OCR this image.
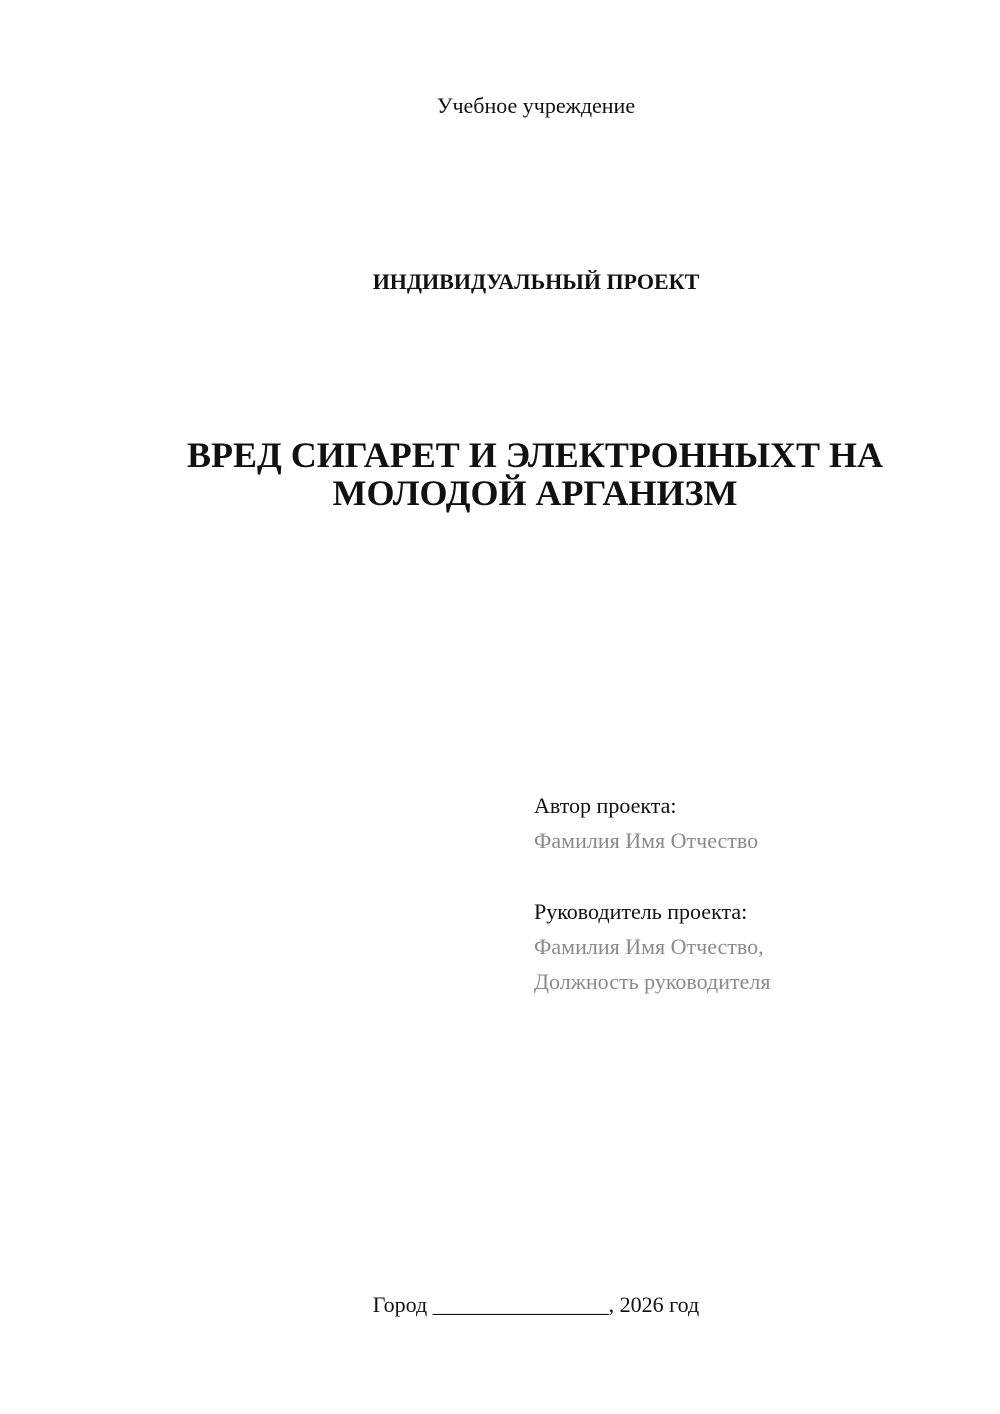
Учебное учреждение
ИНДИВИДУАЛЬНЫЙ ПРОЕКТ
ВРЕД СИГАРЕТ И ЭЛЕКТРОННЫХТ НА
МОЛОДОЙ АРГАНИЗМ
Автор проекта:
Фамилия Имя Отчество
Руководитель проекта:
Фамилия Имя Отчество,
Должность руководителя
Город ________________, 2026 год
